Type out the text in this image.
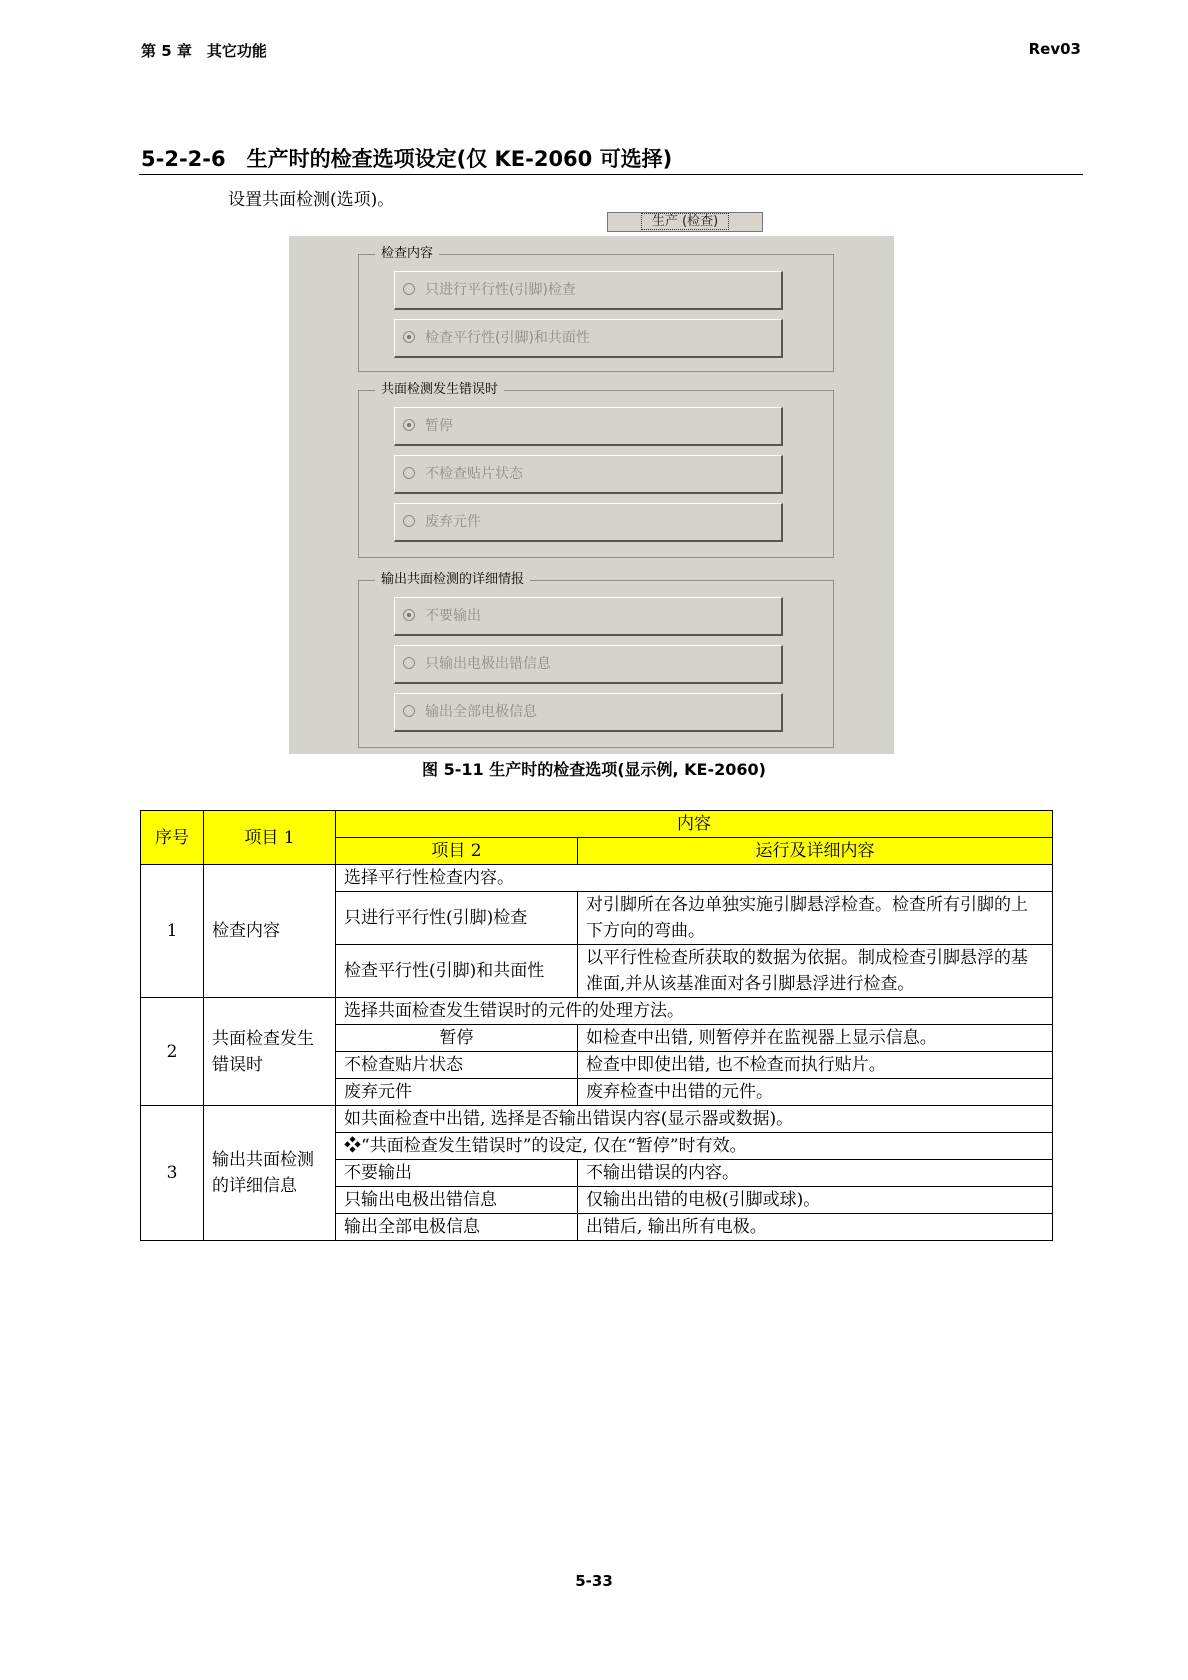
第 5 章　其它功能	Rev03
5-2-2-6　生产时的检查选项设定(仅 KE-2060 可选择)
设置共面检测(选项)。
生产 (检查)
检查内容
只进行平行性(引脚)检查
检查平行性(引脚)和共面性
共面检测发生错误时
暂停
不检查贴片状态
废弃元件
输出共面检测的详细情报
不要输出
只输出电极出错信息
输出全部电极信息
图 5-11 生产时的检查选项(显示例, KE-2060)
序号	项目 1	内容	
		项目 2	运行及详细内容
1	检查内容	选择平行性检查内容。	
		只进行平行性(引脚)检查	对引脚所在各边单独实施引脚悬浮检查。检查所有引脚的上下方向的弯曲。
		检查平行性(引脚)和共面性	以平行性检查所获取的数据为依据。制成检查引脚悬浮的基准面,并从该基准面对各引脚悬浮进行检查。
2	共面检查发生错误时	选择共面检查发生错误时的元件的处理方法。	
		暂停	如检查中出错, 则暂停并在监视器上显示信息。
		不检查贴片状态	检查中即使出错, 也不检查而执行贴片。
		废弃元件	废弃检查中出错的元件。
3	输出共面检测的详细信息	如共面检查中出错, 选择是否输出错误内容(显示器或数据)。	
		❖“共面检查发生错误时”的设定, 仅在“暂停”时有效。	
		不要输出	不输出错误的内容。
		只输出电极出错信息	仅输出出错的电极(引脚或球)。
		输出全部电极信息	出错后, 输出所有电极。
5-33
